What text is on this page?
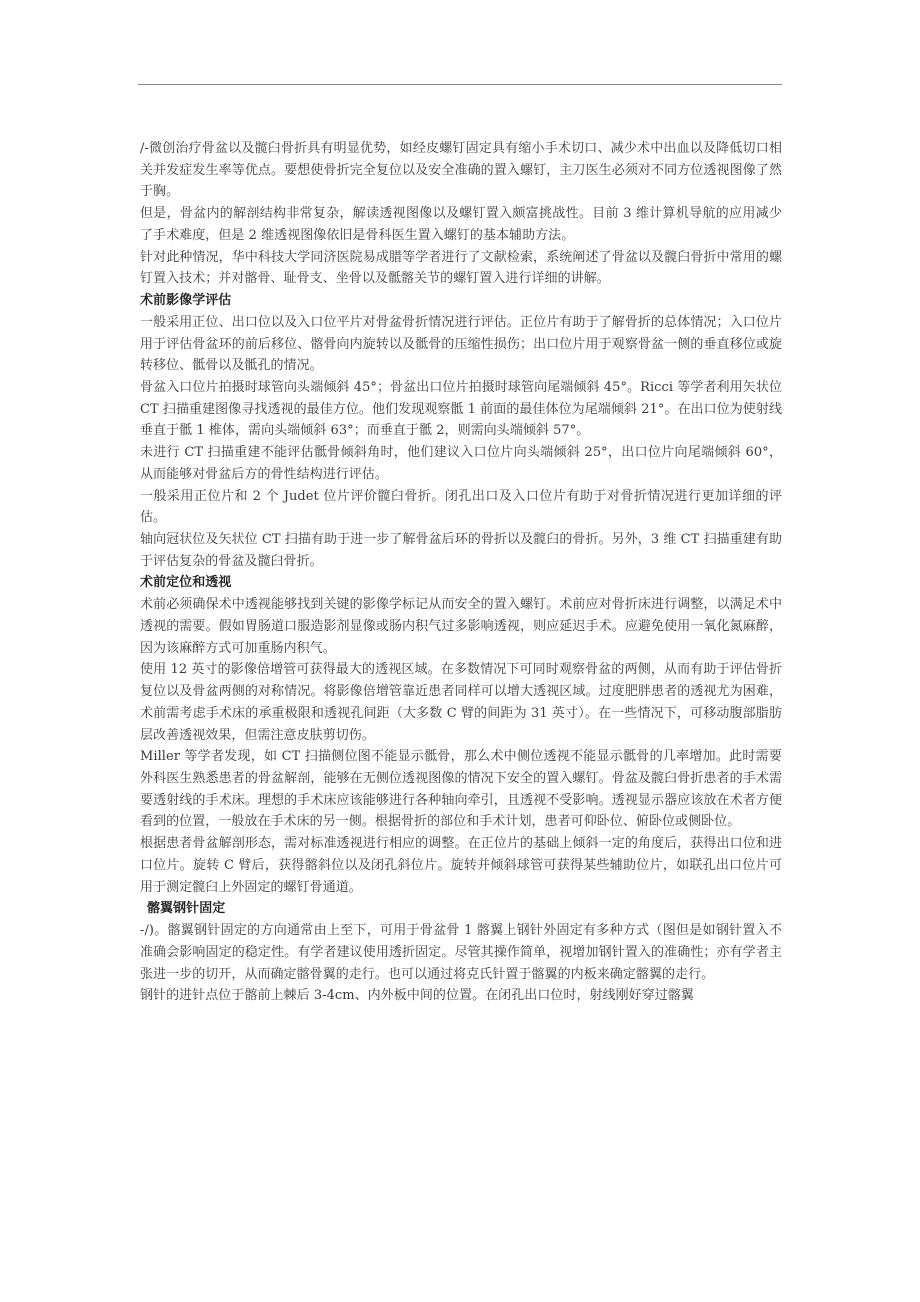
/-微创治疗骨盆以及髋臼骨折具有明显优势，如经皮螺钉固定具有缩小手术切口、减少术中出血以及降低切口相关并发症发生率等优点。要想使骨折完全复位以及安全准确的置入螺钉，主刀医生必须对不同方位透视图像了然于胸。

但是，骨盆内的解剖结构非常复杂，解读透视图像以及螺钉置入颇富挑战性。目前 3 维计算机导航的应用减少了手术难度，但是 2 维透视图像依旧是骨科医生置入螺钉的基本辅助方法。

针对此种情况，华中科技大学同济医院易成腊等学者进行了文献检索，系统阐述了骨盆以及髋臼骨折中常用的螺钉置入技术；并对髂骨、耻骨支、坐骨以及骶髂关节的螺钉置入进行详细的讲解。

术前影像学评估

一般采用正位、出口位以及入口位平片对骨盆骨折情况进行评估。正位片有助于了解骨折的总体情况；入口位片用于评估骨盆环的前后移位、髂骨向内旋转以及骶骨的压缩性损伤；出口位片用于观察骨盆一侧的垂直移位或旋转移位、骶骨以及骶孔的情况。

骨盆入口位片拍摄时球管向头端倾斜 45°；骨盆出口位片拍摄时球管向尾端倾斜 45°。Ricci 等学者利用矢状位 CT 扫描重建图像寻找透视的最佳方位。他们发现观察骶 1 前面的最佳体位为尾端倾斜 21°。在出口位为使射线垂直于骶 1 椎体，需向头端倾斜 63°；而垂直于骶 2，则需向头端倾斜 57°。

未进行 CT 扫描重建不能评估骶骨倾斜角时，他们建议入口位片向头端倾斜 25°，出口位片向尾端倾斜 60°，从而能够对骨盆后方的骨性结构进行评估。

一般采用正位片和 2 个 Judet 位片评价髋臼骨折。闭孔出口及入口位片有助于对骨折情况进行更加详细的评估。

轴向冠状位及矢状位 CT 扫描有助于进一步了解骨盆后环的骨折以及髋臼的骨折。另外，3 维 CT 扫描重建有助于评估复杂的骨盆及髋臼骨折。

术前定位和透视

术前必须确保术中透视能够找到关键的影像学标记从而安全的置入螺钉。术前应对骨折床进行调整，以满足术中透视的需要。假如胃肠道口服造影剂显像或肠内积气过多影响透视，则应延迟手术。应避免使用一氧化氮麻醉，因为该麻醉方式可加重肠内积气。

使用 12 英寸的影像倍增管可获得最大的透视区域。在多数情况下可同时观察骨盆的两侧，从而有助于评估骨折复位以及骨盆两侧的对称情况。将影像倍增管靠近患者同样可以增大透视区域。过度肥胖患者的透视尤为困难，术前需考虑手术床的承重极限和透视孔间距（大多数 C 臂的间距为 31 英寸）。在一些情况下，可移动腹部脂肪层改善透视效果，但需注意皮肤剪切伤。

Miller 等学者发现，如 CT 扫描侧位图不能显示骶骨，那么术中侧位透视不能显示骶骨的几率增加。此时需要外科医生熟悉患者的骨盆解剖，能够在无侧位透视图像的情况下安全的置入螺钉。骨盆及髋臼骨折患者的手术需要透射线的手术床。理想的手术床应该能够进行各种轴向牵引，且透视不受影响。透视显示器应该放在术者方便看到的位置，一般放在手术床的另一侧。根据骨折的部位和手术计划，患者可仰卧位、俯卧位或侧卧位。

根据患者骨盆解剖形态，需对标准透视进行相应的调整。在正位片的基础上倾斜一定的角度后，获得出口位和进口位片。旋转 C 臂后，获得髂斜位以及闭孔斜位片。旋转并倾斜球管可获得某些辅助位片，如联孔出口位片可用于测定髋臼上外固定的螺钉骨通道。

髂翼钢针固定

-/)。髂翼钢针固定的方向通常由上至下，可用于骨盆骨 1 髂翼上钢针外固定有多种方式（图但是如钢针置入不准确会影响固定的稳定性。有学者建议使用透折固定。尽管其操作简单，视增加钢针置入的准确性；亦有学者主张进一步的切开，从而确定髂骨翼的走行。也可以通过将克氏针置于髂翼的内板来确定髂翼的走行。

钢针的进针点位于髂前上棘后 3-4cm、内外板中间的位置。在闭孔出口位时，射线刚好穿过髂翼
